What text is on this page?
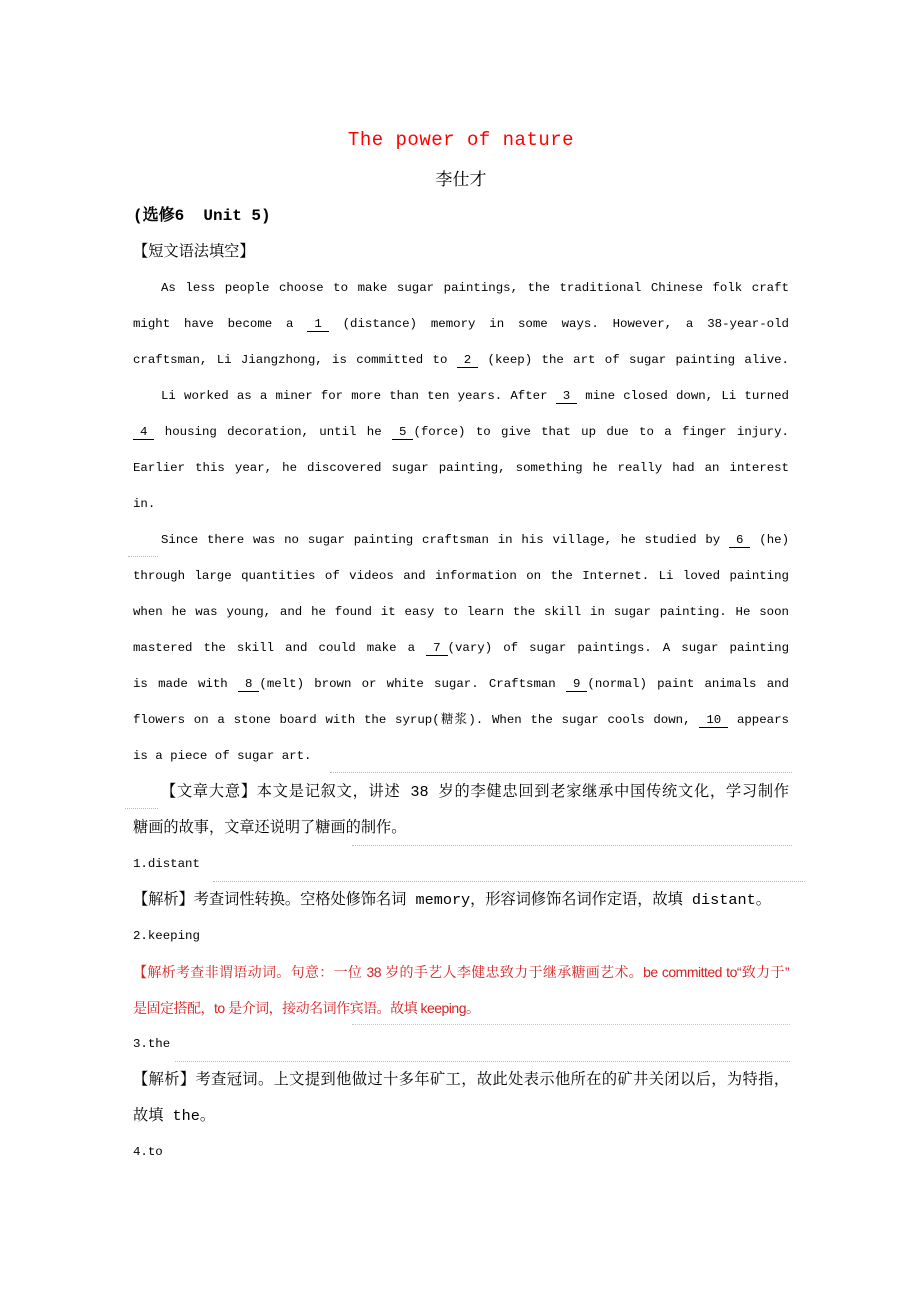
The power of nature
李仕才
(选修6  Unit 5)
【短文语法填空】
As less people choose to make sugar paintings, the traditional Chinese folk craft
might have become a 1 (distance) memory in some ways. However, a 38-year-old
craftsman, Li Jiangzhong, is committed to 2 (keep) the art of sugar painting alive.
Li worked as a miner for more than ten years. After 3 mine closed down, Li turned
4 housing decoration, until he 5 (force) to give that up due to a finger injury.
Earlier this year, he discovered sugar painting, something he really had an interest
in.
Since there was no sugar painting craftsman in his village, he studied by 6 (he)
through large quantities of videos and information on the Internet. Li loved painting
when he was young, and he found it easy to learn the skill in sugar painting. He soon
mastered the skill and could make a 7 (vary) of sugar paintings. A sugar painting
is made with 8 (melt) brown or white sugar. Craftsman 9 (normal) paint animals and
flowers on a stone board with the syrup(糖浆). When the sugar cools down, 10 appears
is a piece of sugar art.
【文章大意】本文是记叙文，讲述 38 岁的李健忠回到老家继承中国传统文化，学习制作
糖画的故事，文章还说明了糖画的制作。
1.distant
【解析】考查词性转换。空格处修饰名词 memory，形容词修饰名词作定语，故填 distant。
2.keeping
【解析考查非谓语动词。句意：一位 38 岁的手艺人李健忠致力于继承糖画艺术。be committed to“致力于”
是固定搭配，to 是介词，接动名词作宾语。故填 keeping。
3.the
【解析】考查冠词。上文提到他做过十多年矿工，故此处表示他所在的矿井关闭以后，为特指，
故填 the。
4.to
